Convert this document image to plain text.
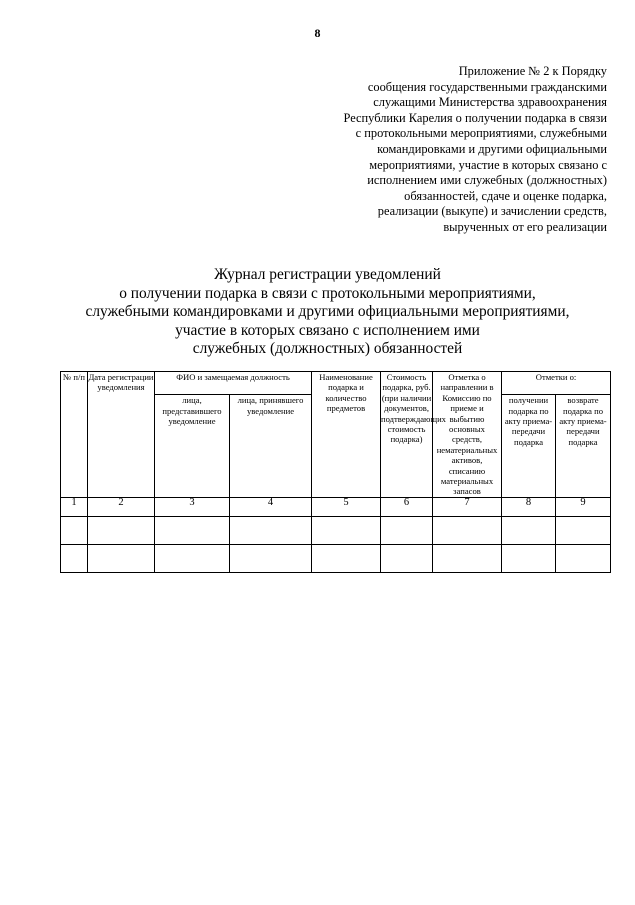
8
Приложение № 2 к Порядку
сообщения государственными гражданскими
служащими Министерства здравоохранения
Республики Карелия о получении подарка в связи
с протокольными мероприятиями, служебными
командировками и другими официальными
мероприятиями, участие в которых связано с
исполнением ими служебных (должностных)
обязанностей, сдаче и оценке подарка,
реализации (выкупе) и зачислении средств,
вырученных от его реализации
Журнал регистрации уведомлений
о получении подарка в связи с протокольными мероприятиями,
служебными командировками и другими официальными мероприятиями,
участие в которых связано с исполнением ими
служебных (должностных) обязанностей
№ п/п	Дата регистрации уведомления	ФИО и замещаемая должность		Наименование подарка и количество предметов	Стоимость подарка, руб. (при наличии документов, подтверждающих стоимость подарка)	Отметка о направлении в Комиссию по приеме и выбытию основных средств, нематериальных активов, списанию материальных запасов	Отметки о:	
		лица, представившего уведомление	лица, принявшего уведомление				получении подарка по акту приема-передачи подарка	возврате подарка по акту приема-передачи подарка
1	2	3	4	5	6	7	8	9
